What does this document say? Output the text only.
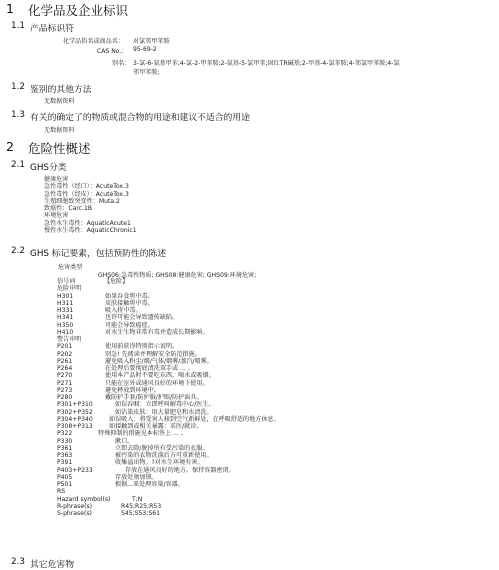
1 化学品及企业标识
1.1 产品标识符
化学品俗名或商品名： 对氯邻甲苯胺
CAS No.： 95-69-2
别名： 3-氯-6-氨基甲苯;4-氯-2-甲苯胺;2-氨基-5-氯甲苯;固红TR碱基;2-甲基-4-氯苯胺;4-邻氯甲苯胺;4-氯
邻甲苯胺;
1.2 鉴别的其他方法
无数据资料
1.3 有关的确定了的物质或混合物的用途和建议不适合的用途
无数据资料
2 危险性概述
2.1 GHS分类
健康危害
急性毒性（经口）：AcuteTox.3
急性毒性（经皮）：AcuteTox.3
生殖细胞致突变性：Muta.2
致癌性：Carc.1B
环境危害
急性水生毒性：AquaticAcute1
慢性水生毒性：AquaticChronic1
2.2 GHS 标记要素，包括预防性的陈述
危害类型
GHS06:急毒性物质; GHS08:健康危害; GHS09:环境危害;
信号词	【危险】
危险申明
H301	如果吞食将中毒。
H311	皮肤接触将中毒。
H331	吸入将中毒。
H341	也许可能会导致遗传缺陷。
H350	可能会导致癌症。
H410	对水生生物非常有毒并造成长期影响。
警告申明
P201	使用前获得特别指示说明。
P202	别急! 先阅读并理解安全防范措施。
P261	避免吸入粉尘/烟/气体/烟雾/蒸汽/喷雾。
P264	在处理后要彻底清洗双手或 ... 。
P270	使用本产品时不要吃东西，喝水或吸烟。
P271	只能在室外或通风良好的环境下使用。
P273	避免释放到环境中。
P280	戴防护手套/防护服/护眼/防护面具。
P301+P310	如误吞咽：立即呼叫解毒中心/医生。
P302+P352	如沾染皮肤：用大量肥皂和水清洗。
P304+P340	如误吸入：将受害人移到空气新鲜处，在呼吸舒适的地方休息。
P308+P313	如接触到或相关暴露：求医/就诊。
P322	特殊抑制的措施见本标签上 ... 。
P330	漱口。
P361	立即去除/脱掉所有受污染的衣服。
P363	被污染的衣物洗涤后方可重新使用。
P391	收集溢出物。?对水生环境有害。
P403+P233	存放在通风良好的地方。保持容器密闭。
P405	存放处须加锁。
P501	根据...来处理容量/容器。
RS
Hazard symbol(s)	T;N
R-phrase(s)	R45;R25;R53
S-phrase(s)	S45;S53;S61
2.3 其它危害物
